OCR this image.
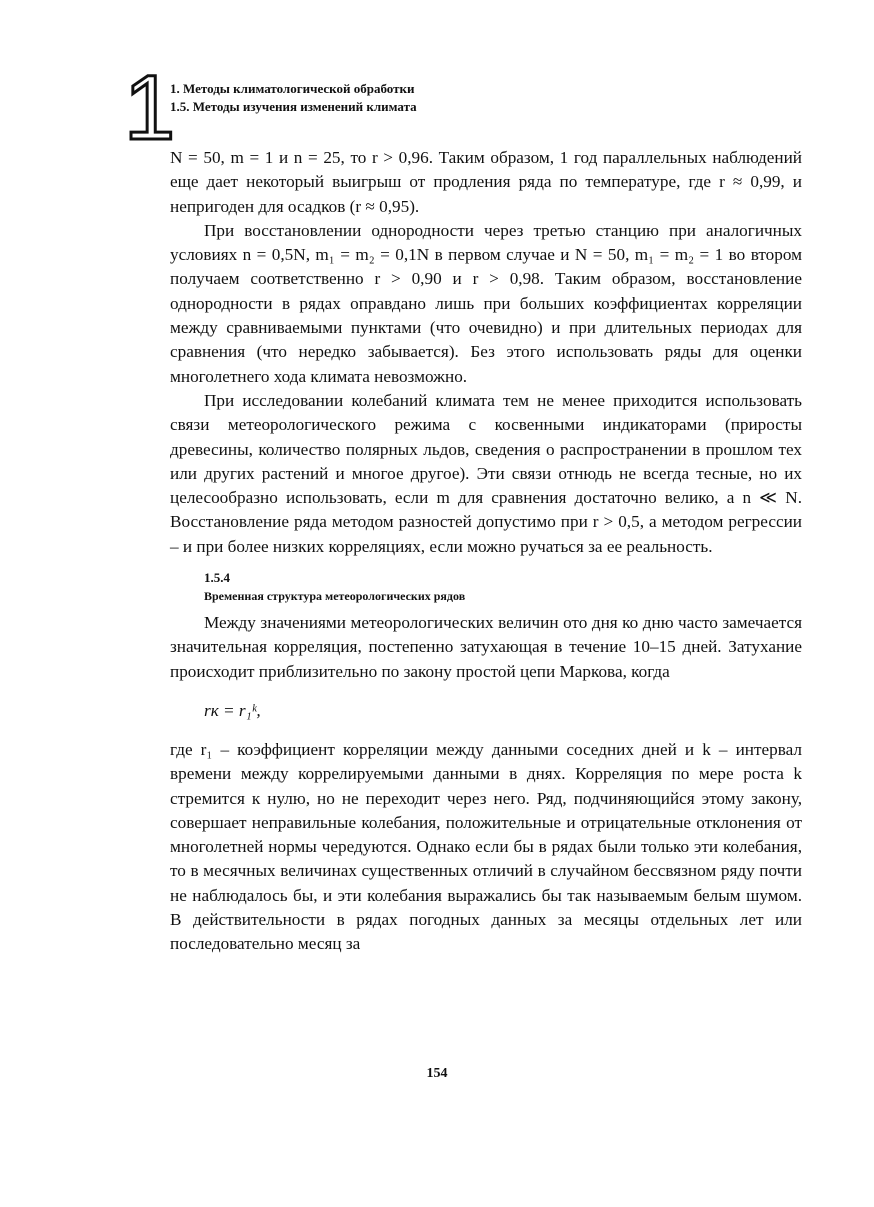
1
1. Методы климатологической обработки
1.5. Методы изучения изменений климата

N = 50, m = 1 и n = 25, то r > 0,96. Таким образом, 1 год параллельных наблюдений еще дает некоторый выигрыш от продления ряда по температуре, где r ≈ 0,99, и непригоден для осадков (r ≈ 0,95).

При восстановлении однородности через третью станцию при аналогичных условиях n = 0,5N, m₁ = m₂ = 0,1N в первом случае и N = 50, m₁ = m₂ = 1 во втором получаем соответственно r > 0,90 и r > 0,98. Таким образом, восстановление однородности в рядах оправдано лишь при больших коэффициентах корреляции между сравниваемыми пунктами (что очевидно) и при длительных периодах для сравнения (что нередко забывается). Без этого использовать ряды для оценки многолетнего хода климата невозможно.

При исследовании колебаний климата тем не менее приходится использовать связи метеорологического режима с косвенными индикаторами (приросты древесины, количество полярных льдов, сведения о распространении в прошлом тех или других растений и многое другое). Эти связи отнюдь не всегда тесные, но их целесообразно использовать, если m для сравнения достаточно велико, а n ≪ N. Восстановление ряда методом разностей допустимо при r > 0,5, а методом регрессии – и при более низких корреляциях, если можно ручаться за ее реальность.

1.5.4
Временная структура метеорологических рядов

Между значениями метеорологических величин ото дня ко дню часто замечается значительная корреляция, постепенно затухающая в течение 10–15 дней. Затухание происходит приблизительно по закону простой цепи Маркова, когда

rк = r₁ᵏ,

где r₁ – коэффициент корреляции между данными соседних дней и k – интервал времени между коррелируемыми данными в днях. Корреляция по мере роста k стремится к нулю, но не переходит через него. Ряд, подчиняющийся этому закону, совершает неправильные колебания, положительные и отрицательные отклонения от многолетней нормы чередуются. Однако если бы в рядах были только эти колебания, то в месячных величинах существенных отличий в случайном бессвязном ряду почти не наблюдалось бы, и эти колебания выражались бы так называемым белым шумом. В действительности в рядах погодных данных за месяцы отдельных лет или последовательно месяц за

154
